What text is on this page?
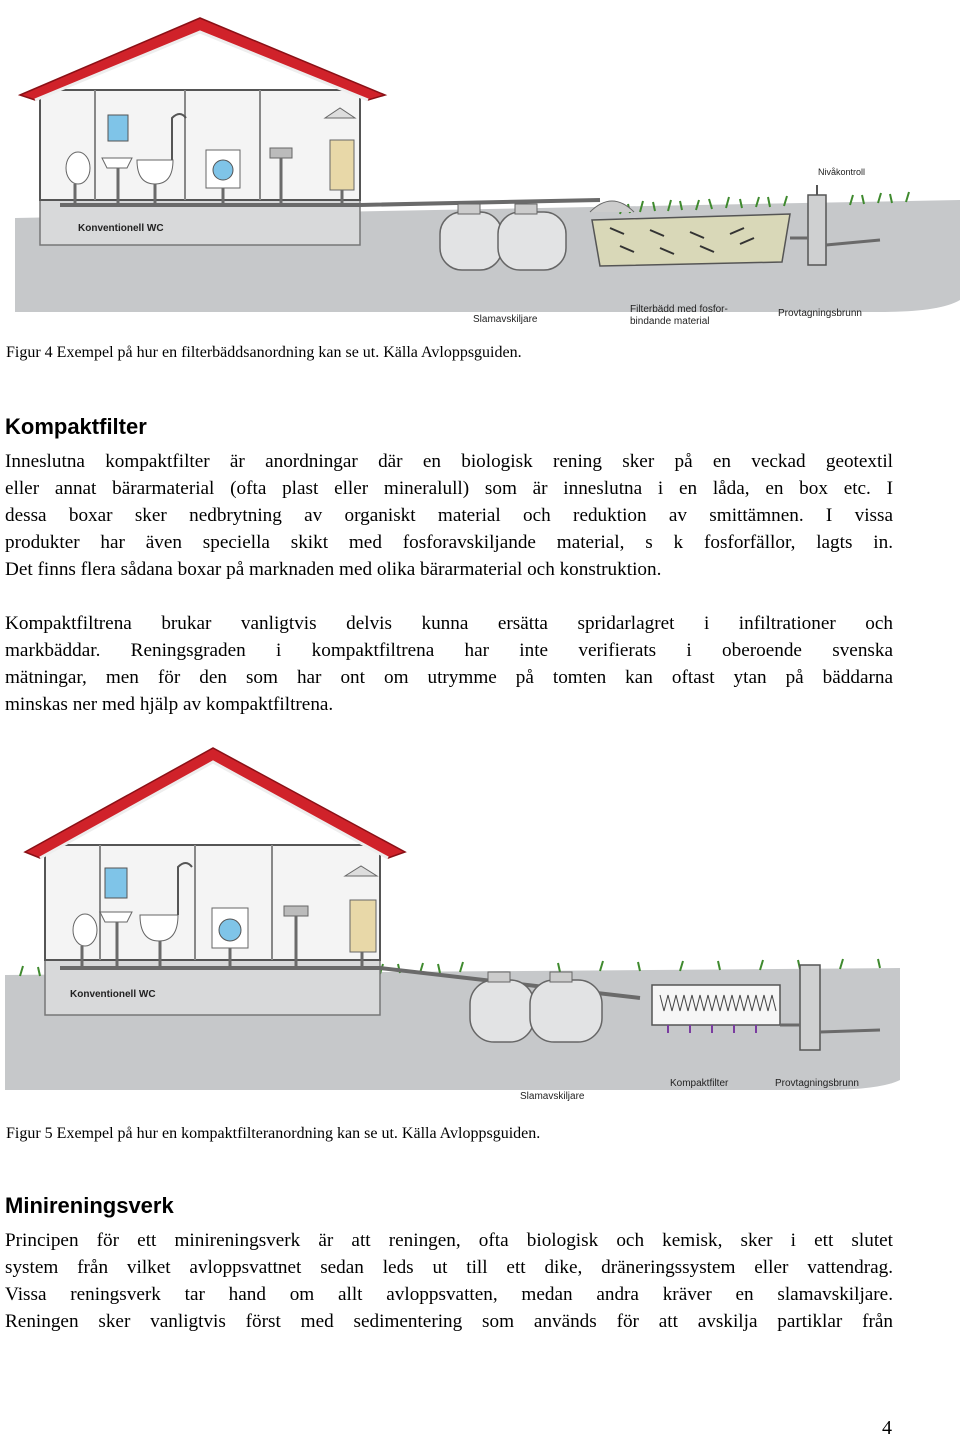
Konventionell WC
Nivåkontroll
Slamavskiljare
Filterbädd med fosfor-
bindande material
Provtagningsbrunn
Figur 4 Exempel på hur en filterbäddsanordning kan se ut. Källa Avloppsguiden.
Kompaktfilter
Inneslutna kompaktfilter är anordningar där en biologisk rening sker på en veckad geotextil
eller annat bärarmaterial (ofta plast eller mineralull) som är inneslutna i en låda, en box etc. I
dessa boxar sker nedbrytning av organiskt material och reduktion av smittämnen. I vissa
produkter har även speciella skikt med fosforavskiljande material, s k fosforfällor, lagts in.
Det finns flera sådana boxar på marknaden med olika bärarmaterial och konstruktion.
Kompaktfiltrena brukar vanligtvis delvis kunna ersätta spridarlagret i infiltrationer och
markbäddar. Reningsgraden i kompaktfiltrena har inte verifierats i oberoende svenska
mätningar, men för den som har ont om utrymme på tomten kan oftast ytan på bäddarna
minskas ner med hjälp av kompaktfiltrena.
Konventionell WC
Slamavskiljare
Kompaktfilter	Provtagningsbrunn
Figur 5 Exempel på hur en kompaktfilteranordning kan se ut. Källa Avloppsguiden.
Minireningsverk
Principen för ett minireningsverk är att reningen, ofta biologisk och kemisk, sker i ett slutet
system från vilket avloppsvattnet sedan leds ut till ett dike, dräneringssystem eller vattendrag.
Vissa reningsverk tar hand om allt avloppsvatten, medan andra kräver en slamavskiljare.
Reningen sker vanligtvis först med sedimentering som används för att avskilja partiklar från
4
